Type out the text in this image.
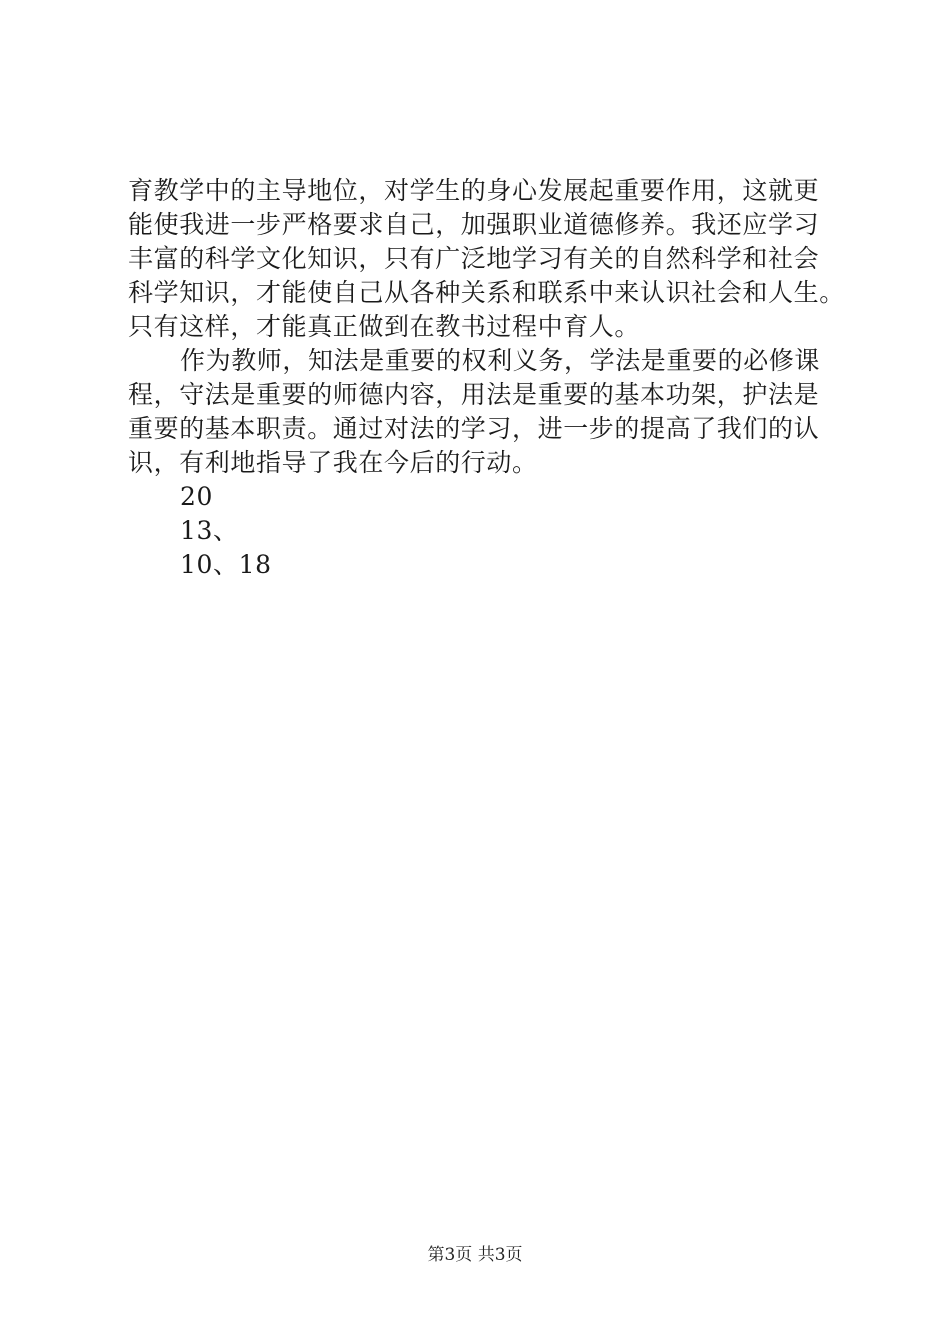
育教学中的主导地位，对学生的身心发展起重要作用，这就更
能使我进一步严格要求自己，加强职业道德修养。我还应学习
丰富的科学文化知识，只有广泛地学习有关的自然科学和社会
科学知识，才能使自己从各种关系和联系中来认识社会和人生。
只有这样，才能真正做到在教书过程中育人。
作为教师，知法是重要的权利义务，学法是重要的必修课
程，守法是重要的师德内容，用法是重要的基本功架，护法是
重要的基本职责。通过对法的学习，进一步的提高了我们的认
识，有利地指导了我在今后的行动。
20
13、
10、18
第3页 共3页
